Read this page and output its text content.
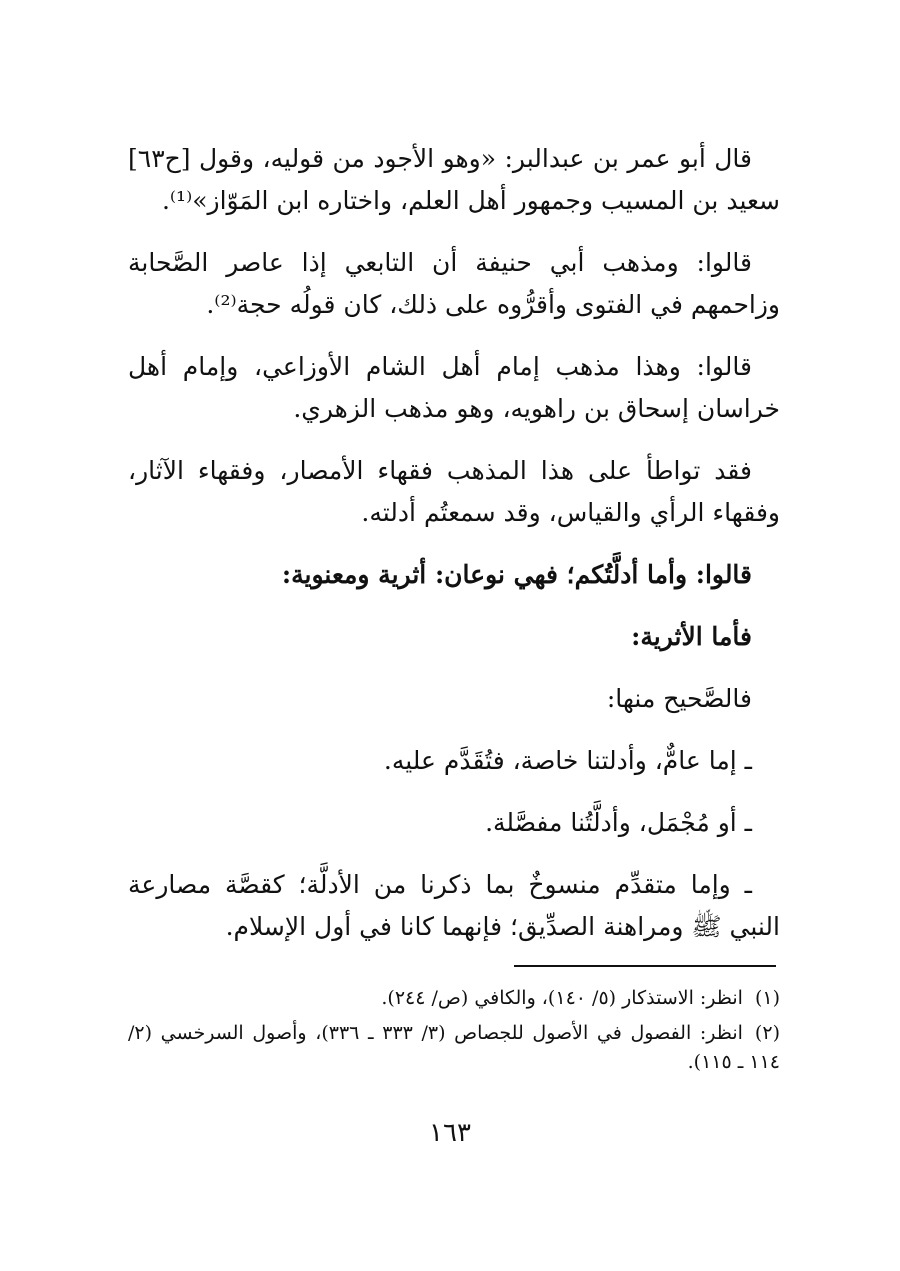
قال أبو عمر بن عبدالبر: «وهو الأجود من قوليه، وقول [ح٦٣] سعيد بن المسيب وجمهور أهل العلم، واختاره ابن المَوّاز»⁽¹⁾.

قالوا: ومذهب أبي حنيفة أن التابعي إذا عاصر الصَّحابة وزاحمهم في الفتوى وأقرُّوه على ذلك، كان قولُه حجة⁽²⁾.

قالوا: وهذا مذهب إمام أهل الشام الأوزاعي، وإمام أهل خراسان إسحاق بن راهويه، وهو مذهب الزهري.

فقد تواطأ على هذا المذهب فقهاء الأمصار، وفقهاء الآثار، وفقهاء الرأي والقياس، وقد سمعتُم أدلته.

قالوا: وأما أدلَّتُكم؛ فهي نوعان: أثرية ومعنوية:

فأما الأثرية:

فالصَّحيح منها:

ـ إما عامٌّ، وأدلتنا خاصة، فتُقَدَّم عليه.

ـ أو مُجْمَل، وأدلَّتُنا مفصَّلة.

ـ وإما متقدِّم منسوخٌ بما ذكرنا من الأدلَّة؛ كقصَّة مصارعة النبي ﷺ ومراهنة الصدِّيق؛ فإنهما كانا في أول الإسلام.

(١)انظر: الاستذكار (٥/ ١٤٠)، والكافي (ص/ ٢٤٤).
(٢)انظر: الفصول في الأصول للجصاص (٣/ ٣٣٣ ـ ٣٣٦)، وأصول السرخسي (٢/ ١١٤ ـ ١١٥).
١٦٣
